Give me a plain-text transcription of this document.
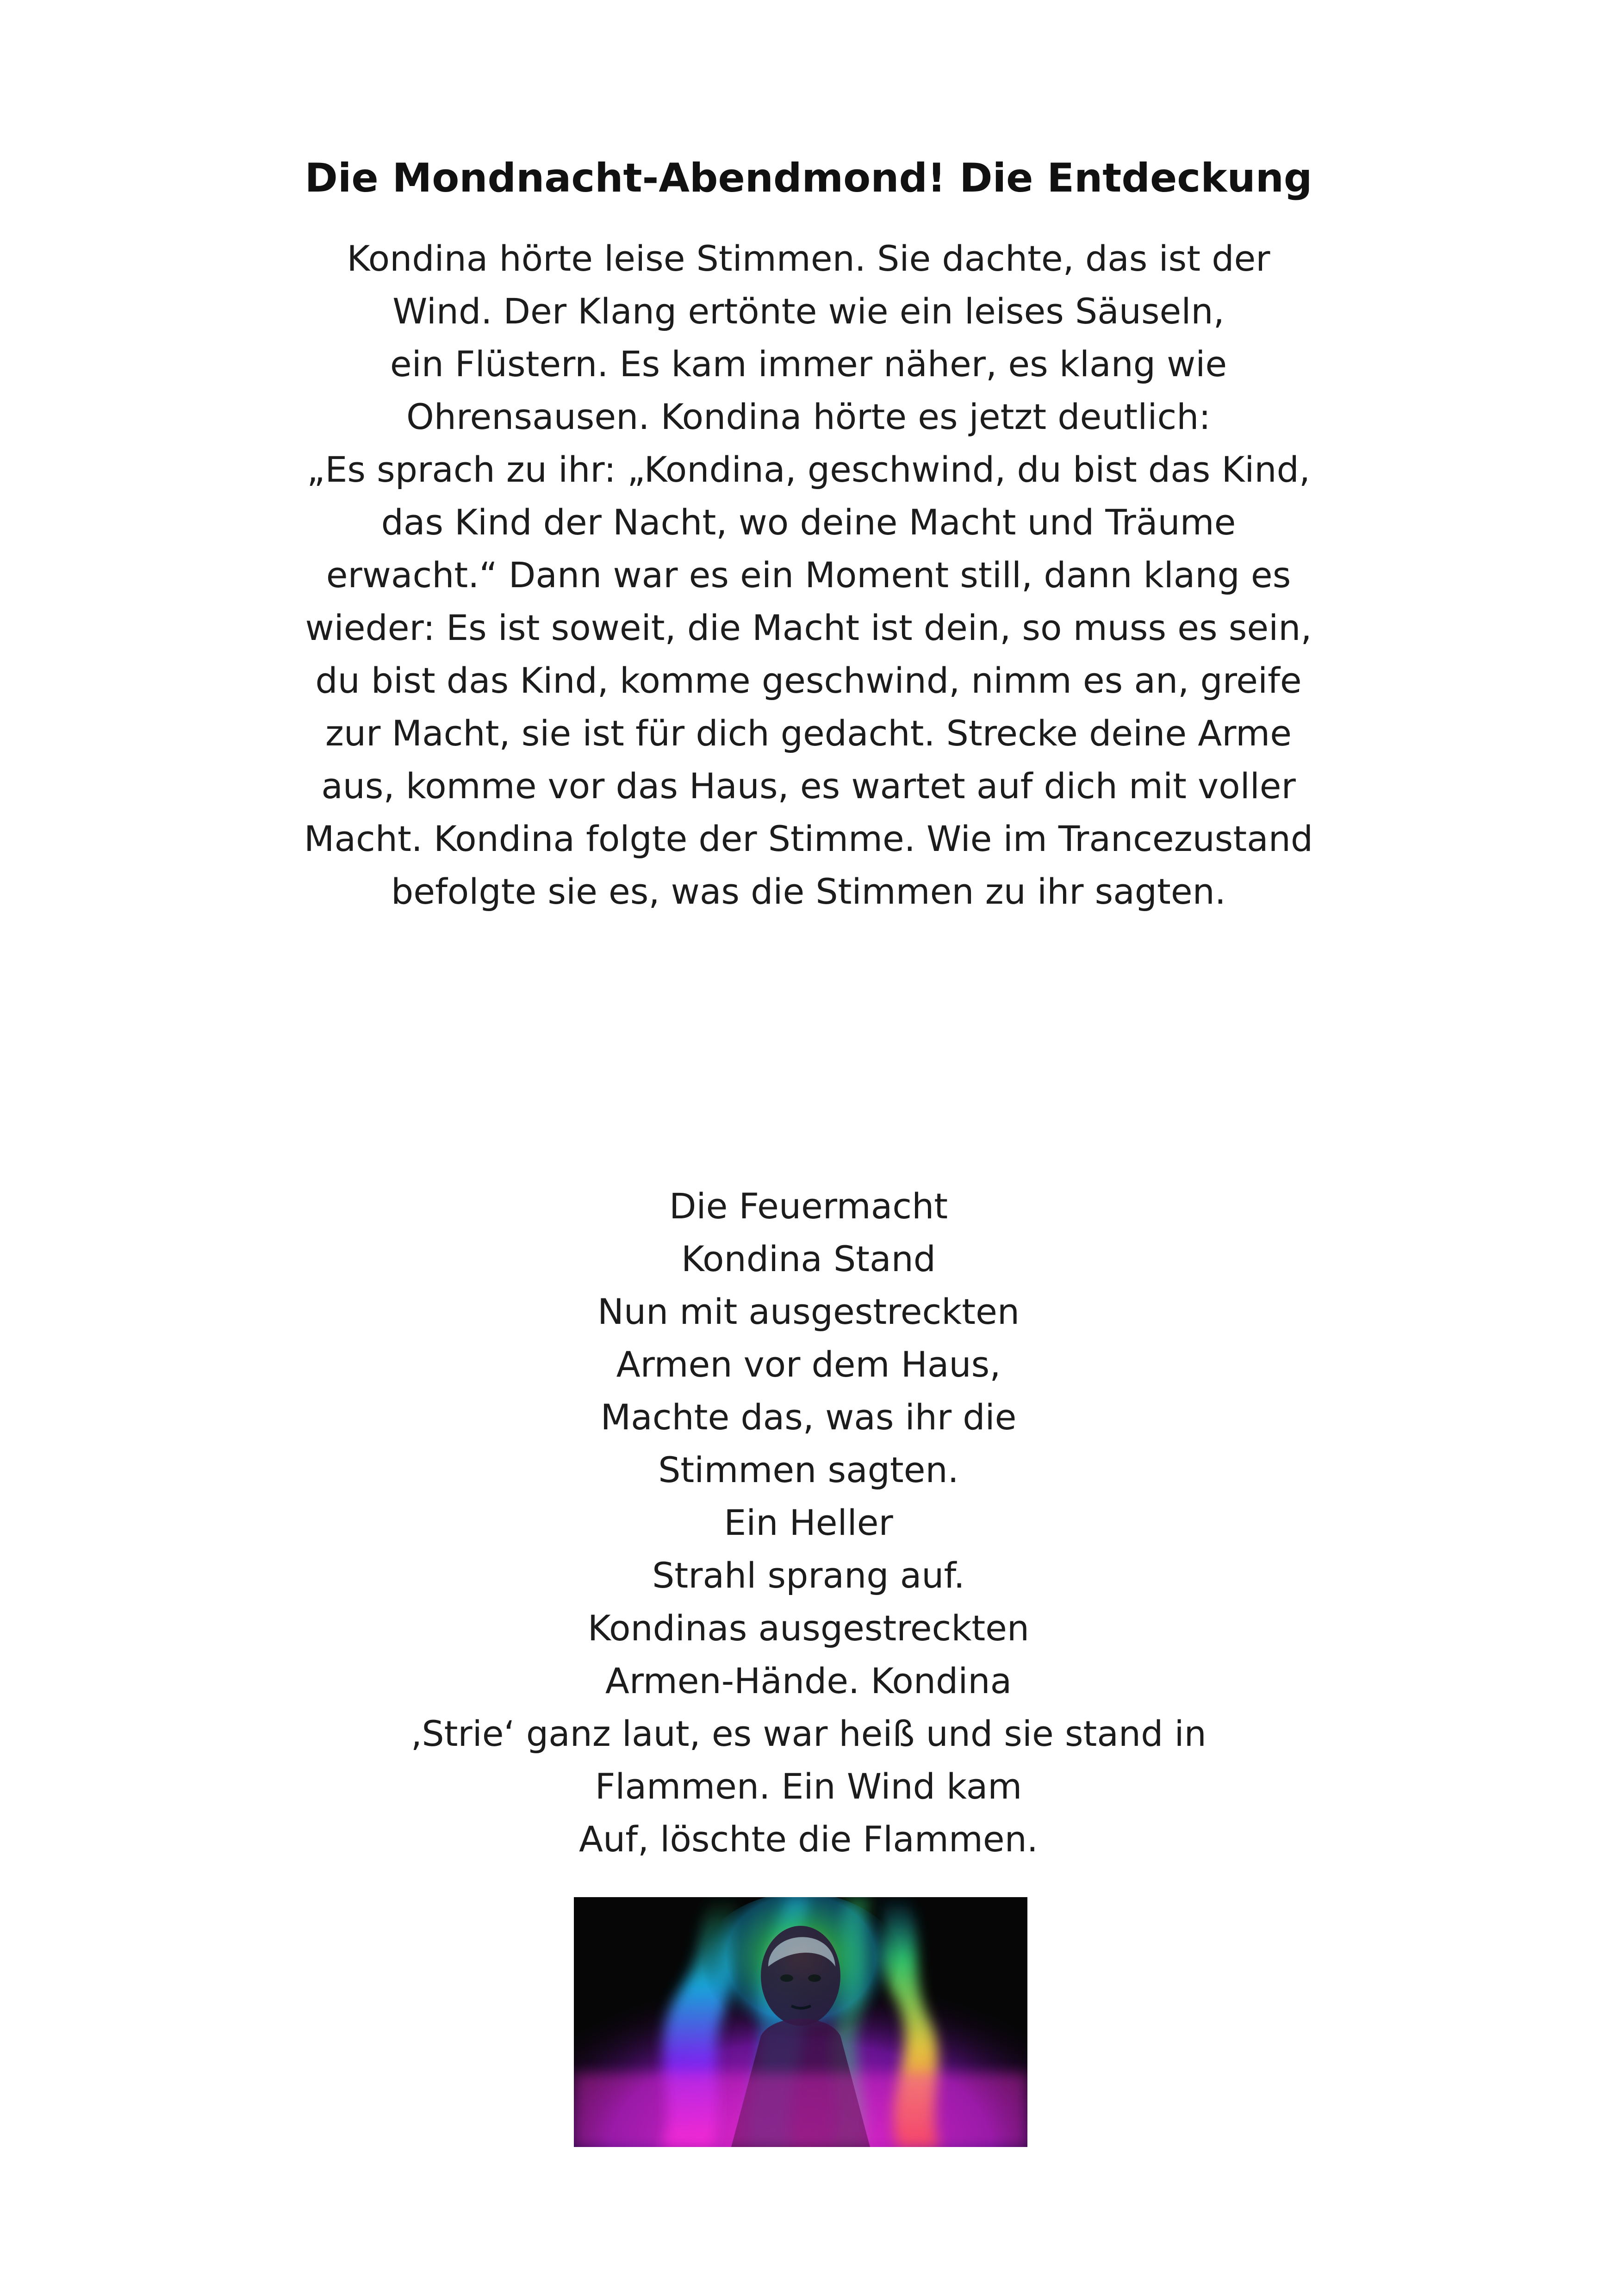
Die Mondnacht-Abendmond! Die Entdeckung
Kondina hörte leise Stimmen. Sie dachte, das ist der
Wind. Der Klang ertönte wie ein leises Säuseln,
ein Flüstern. Es kam immer näher, es klang wie
Ohrensausen. Kondina hörte es jetzt deutlich:
„Es sprach zu ihr: „Kondina, geschwind, du bist das Kind,
das Kind der Nacht, wo deine Macht und Träume
erwacht.“ Dann war es ein Moment still, dann klang es
wieder: Es ist soweit, die Macht ist dein, so muss es sein,
du bist das Kind, komme geschwind, nimm es an, greife
zur Macht, sie ist für dich gedacht. Strecke deine Arme
aus, komme vor das Haus, es wartet auf dich mit voller
Macht. Kondina folgte der Stimme. Wie im Trancezustand
befolgte sie es, was die Stimmen zu ihr sagten.
Die Feuermacht
Kondina Stand
Nun mit ausgestreckten
Armen vor dem Haus,
Machte das, was ihr die
Stimmen sagten.
Ein Heller
Strahl sprang auf.
Kondinas ausgestreckten
Armen-Hände. Kondina
‚Strie‘ ganz laut, es war heiß und sie stand in
Flammen. Ein Wind kam
Auf, löschte die Flammen.
